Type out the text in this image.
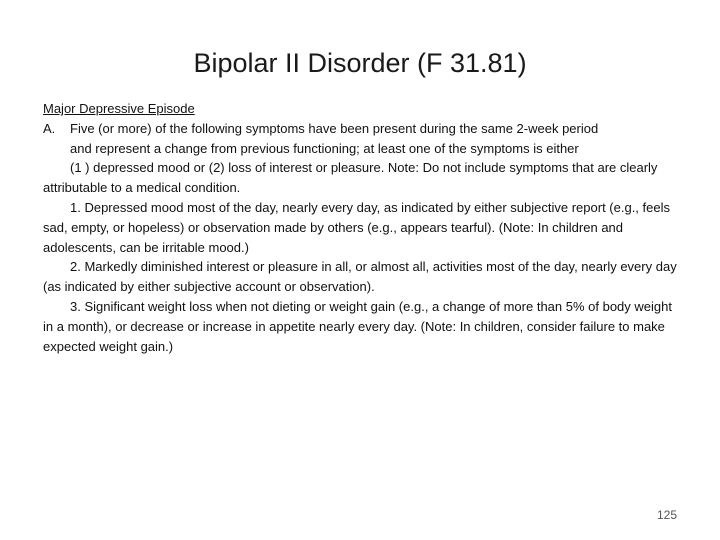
Bipolar II Disorder (F 31.81)

Major Depressive Episode

A.	Five (or more) of the following symptoms have been present during the same 2-week period

and represent a change from previous functioning; at least one of the symptoms is either

(1 ) depressed mood or (2) loss of interest or pleasure. Note: Do not include symptoms that are clearly attributable to a medical condition.

1. Depressed mood most of the day, nearly every day, as indicated by either subjective report (e.g., feels sad, empty, or hopeless) or observation made by others (e.g., appears tearful). (Note: In children and adolescents, can be irritable mood.)

2. Markedly diminished interest or pleasure in all, or almost all, activities most of the day, nearly every day (as indicated by either subjective account or observation).

3. Significant weight loss when not dieting or weight gain (e.g., a change of more than 5% of body weight in a month), or decrease or increase in appetite nearly every day. (Note: In children, consider failure to make expected weight gain.)

125
